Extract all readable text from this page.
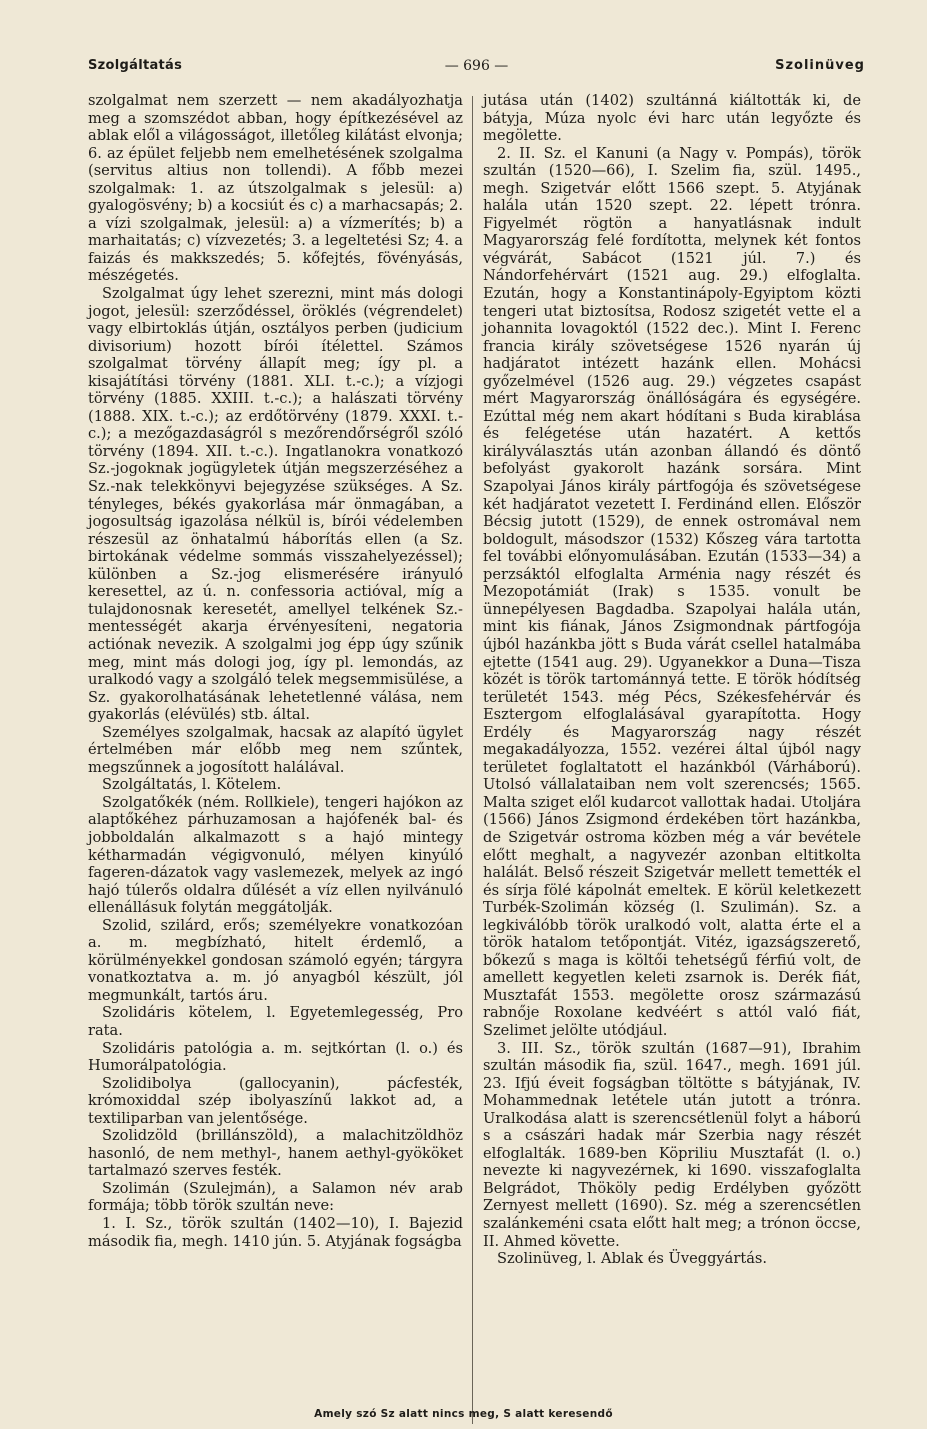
Szolgáltatás	— 696 —	Szolinüveg

szolgalmat nem szerzett — nem akadályozhatja meg a szomszédot abban, hogy építkezésével az ablak elől a világosságot, illetőleg kilátást elvonja; 6. az épület feljebb nem emelhetésének szolgalma (servitus altius non tollendi). A főbb mezei szolgalmak: 1. az útszolgalmak s jelesül: a) gyalogösvény; b) a kocsiút és c) a marhacsapás; 2. a vízi szolgalmak, jelesül: a) a vízmerítés; b) a marhaitatás; c) vízvezetés; 3. a legeltetési Sz; 4. a faizás és makkszedés; 5. kőfejtés, fövényásás, mészégetés.

Szolgalmat úgy lehet szerezni, mint más dologi jogot, jelesül: szerződéssel, öröklés (végrendelet) vagy elbirtoklás útján, osztályos perben (judicium divisorium) hozott bírói ítélettel. Számos szolgalmat törvény állapít meg; így pl. a kisajátítási törvény (1881. XLI. t.-c.); a vízjogi törvény (1885. XXIII. t.-c.); a halászati törvény (1888. XIX. t.-c.); az erdőtörvény (1879. XXXI. t.-c.); a mezőgazdaságról s mezőrendőrségről szóló törvény (1894. XII. t.-c.). Ingatlanokra vonatkozó Sz.-jogoknak jogügyletek útján megszerzéséhez a Sz.-nak telekkönyvi bejegyzése szükséges. A Sz. tényleges, békés gyakorlása már önmagában, a jogosultság igazolása nélkül is, bírói védelemben részesül az önhatalmú háborítás ellen (a Sz. birtokának védelme sommás visszahelyezéssel); különben a Sz.-jog elismerésére irányuló keresettel, az ú. n. confessoria actióval, míg a tulajdonosnak keresetét, amellyel telkének Sz.-mentességét akarja érvényesíteni, negatoria actiónak nevezik. A szolgalmi jog épp úgy szűnik meg, mint más dologi jog, így pl. lemondás, az uralkodó vagy a szolgáló telek megsemmisülése, a Sz. gyakorolhatásának lehetetlenné válása, nem gyakorlás (elévülés) stb. által.

Személyes szolgalmak, hacsak az alapító ügylet értelmében már előbb meg nem szűntek, megszűnnek a jogosított halálával.

Szolgáltatás, l. Kötelem.

Szolgatőkék (ném. Rollkiele), tengeri hajókon az alaptőkéhez párhuzamosan a hajófenék bal- és jobboldalán alkalmazott s a hajó mintegy kétharmadán végigvonuló, mélyen kinyúló fageren-dázatok vagy vaslemezek, melyek az ingó hajó túlerős oldalra dűlését a víz ellen nyilvánuló ellenállásuk folytán meggátolják.

Szolid, szilárd, erős; személyekre vonatkozóan a. m. megbízható, hitelt érdemlő, a körülményekkel gondosan számoló egyén; tárgyra vonatkoztatva a. m. jó anyagból készült, jól megmunkált, tartós áru.

Szolidáris kötelem, l. Egyetemlegesség, Pro rata.

Szolidáris patológia a. m. sejtkórtan (l. o.) és Humorálpatológia.

Szolidibolya (gallocyanin), pácfesték, krómoxiddal szép ibolyaszínű lakkot ad, a textiliparban van jelentősége.

Szolidzöld (brillánszöld), a malachitzöldhöz hasonló, de nem methyl-, hanem aethyl-gyököket tartalmazó szerves festék.

Szolimán (Szulejmán), a Salamon név arab formája; több török szultán neve:

1. I. Sz., török szultán (1402—10), I. Bajezid második fia, megh. 1410 jún. 5. Atyjának fogságba

jutása után (1402) szultánná kiáltották ki, de bátyja, Múza nyolc évi harc után legyőzte és megölette.

2. II. Sz. el Kanuni (a Nagy v. Pompás), török szultán (1520—66), I. Szelim fia, szül. 1495., megh. Szigetvár előtt 1566 szept. 5. Atyjának halála után 1520 szept. 22. lépett trónra. Figyelmét rögtön a hanyatlásnak indult Magyarország felé fordította, melynek két fontos végvárát, Sabácot (1521 júl. 7.) és Nándorfehérvárt (1521 aug. 29.) elfoglalta. Ezután, hogy a Konstantinápoly-Egyiptom közti tengeri utat biztosítsa, Rodosz szigetét vette el a johannita lovagoktól (1522 dec.). Mint I. Ferenc francia király szövetségese 1526 nyarán új hadjáratot intézett hazánk ellen. Mohácsi győzelmével (1526 aug. 29.) végzetes csapást mért Magyarország önállóságára és egységére. Ezúttal még nem akart hódítani s Buda kirablása és felégetése után hazatért. A kettős királyválasztás után azonban állandó és döntő befolyást gyakorolt hazánk sorsára. Mint Szapolyai János király pártfogója és szövetségese két hadjáratot vezetett I. Ferdinánd ellen. Először Bécsig jutott (1529), de ennek ostromával nem boldogult, másodszor (1532) Kőszeg vára tartotta fel további előnyomulásában. Ezután (1533—34) a perzsáktól elfoglalta Arménia nagy részét és Mezopotámiát (Irak) s 1535. vonult be ünnepélyesen Bagdadba. Szapolyai halála után, mint kis fiának, János Zsigmondnak pártfogója újból hazánkba jött s Buda várát csellel hatalmába ejtette (1541 aug. 29). Ugyanekkor a Duna—Tisza közét is török tartománnyá tette. E török hódítség területét 1543. még Pécs, Székesfehérvár és Esztergom elfoglalásával gyarapította. Hogy Erdély és Magyarország nagy részét megakadályozza, 1552. vezérei által újból nagy területet foglaltatott el hazánkból (Várháború). Utolsó vállalataiban nem volt szerencsés; 1565. Malta sziget elől kudarcot vallottak hadai. Utoljára (1566) János Zsigmond érdekében tört hazánkba, de Szigetvár ostroma közben még a vár bevétele előtt meghalt, a nagyvezér azonban eltitkolta halálát. Belső részeit Szigetvár mellett temették el és sírja fölé kápolnát emeltek. E körül keletkezett Turbék-Szolimán község (l. Szulimán). Sz. a legkiválóbb török uralkodó volt, alatta érte el a török hatalom tetőpontját. Vitéz, igazságszerető, bőkezű s maga is költői tehetségű férfiú volt, de amellett kegyetlen keleti zsarnok is. Derék fiát, Musztafát 1553. megölette orosz származású rabnője Roxolane kedvéért s attól való fiát, Szelimet jelölte utódjául.

3. III. Sz., török szultán (1687—91), Ibrahim szultán második fia, szül. 1647., megh. 1691 júl. 23. Ifjú éveit fogságban töltötte s bátyjának, IV. Mohammednak letétele után jutott a trónra. Uralkodása alatt is szerencsétlenül folyt a háború s a császári hadak már Szerbia nagy részét elfoglalták. 1689-ben Köpriliu Musztafát (l. o.) nevezte ki nagyvezérnek, ki 1690. visszafoglalta Belgrádot, Thököly pedig Erdélyben győzött Zernyest mellett (1690). Sz. még a szerencsétlen szalánkeméni csata előtt halt meg; a trónon öccse, II. Ahmed követte.

Szolinüveg, l. Ablak és Üveggyártás.

Amely szó Sz alatt nincs meg, S alatt keresendő
